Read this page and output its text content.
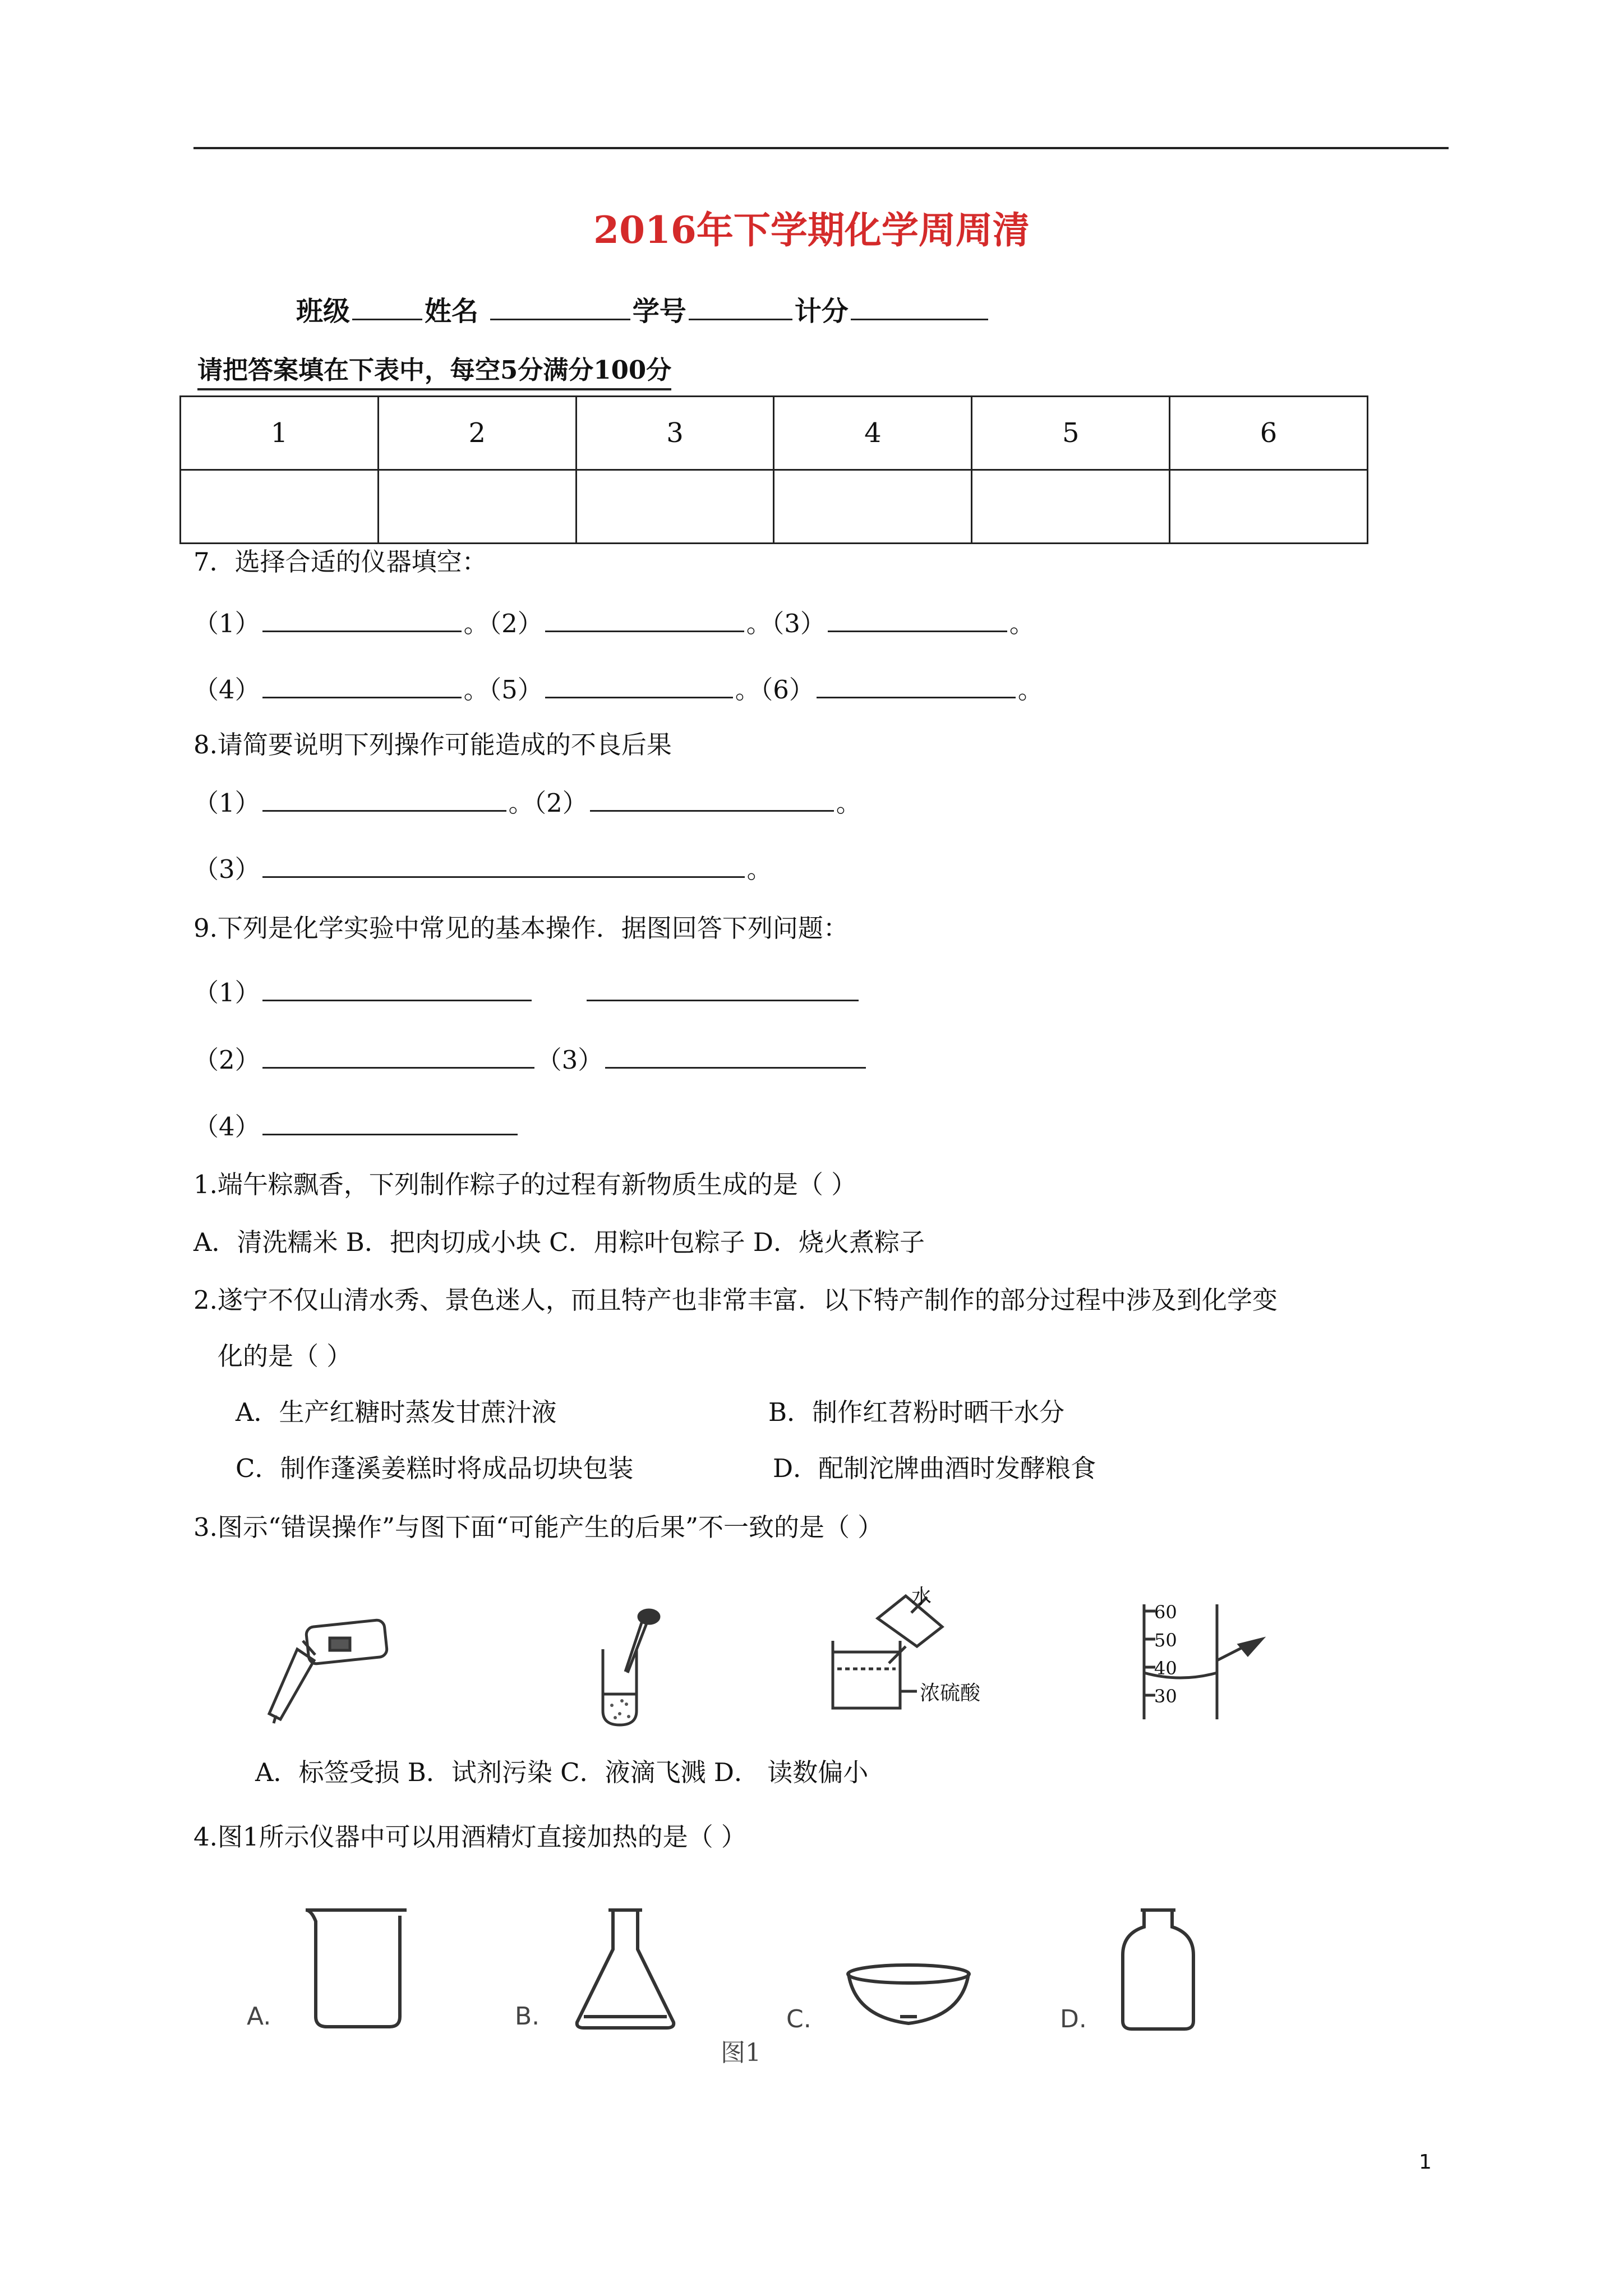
2016年下学期化学周周清
班级	姓名	学号	计分
请把答案填在下表中，每空5分满分100分
1	2	3	4	5	6

7．选择合适的仪器填空：
（1）	。（2）	。（3）	。
（4）	。（5）	。（6）	。
8.请简要说明下列操作可能造成的不良后果
（1）	。（2）	。
（3）	。
9.下列是化学实验中常见的基本操作．据图回答下列问题：
（1）
（2）	（3）
（4）
1.端午粽飘香，下列制作粽子的过程有新物质生成的是（ ）
A．清洗糯米 B．把肉切成小块 C．用粽叶包粽子 D．烧火煮粽子
2.遂宁不仅山清水秀、景色迷人，而且特产也非常丰富．以下特产制作的部分过程中涉及到化学变
化的是（ ）
A．生产红糖时蒸发甘蔗汁液	B．制作红苕粉时晒干水分
C．制作蓬溪姜糕时将成品切块包装	D．配制沱牌曲酒时发酵粮食
3.图示“错误操作”与图下面“可能产生的后果”不一致的是（ ）
水
浓硫酸
60
50
40
30
A．标签受损 B．试剂污染 C．液滴飞溅 D． 读数偏小
4.图1所示仪器中可以用酒精灯直接加热的是（ ）
A.	B.	C.	D.
图1
1
